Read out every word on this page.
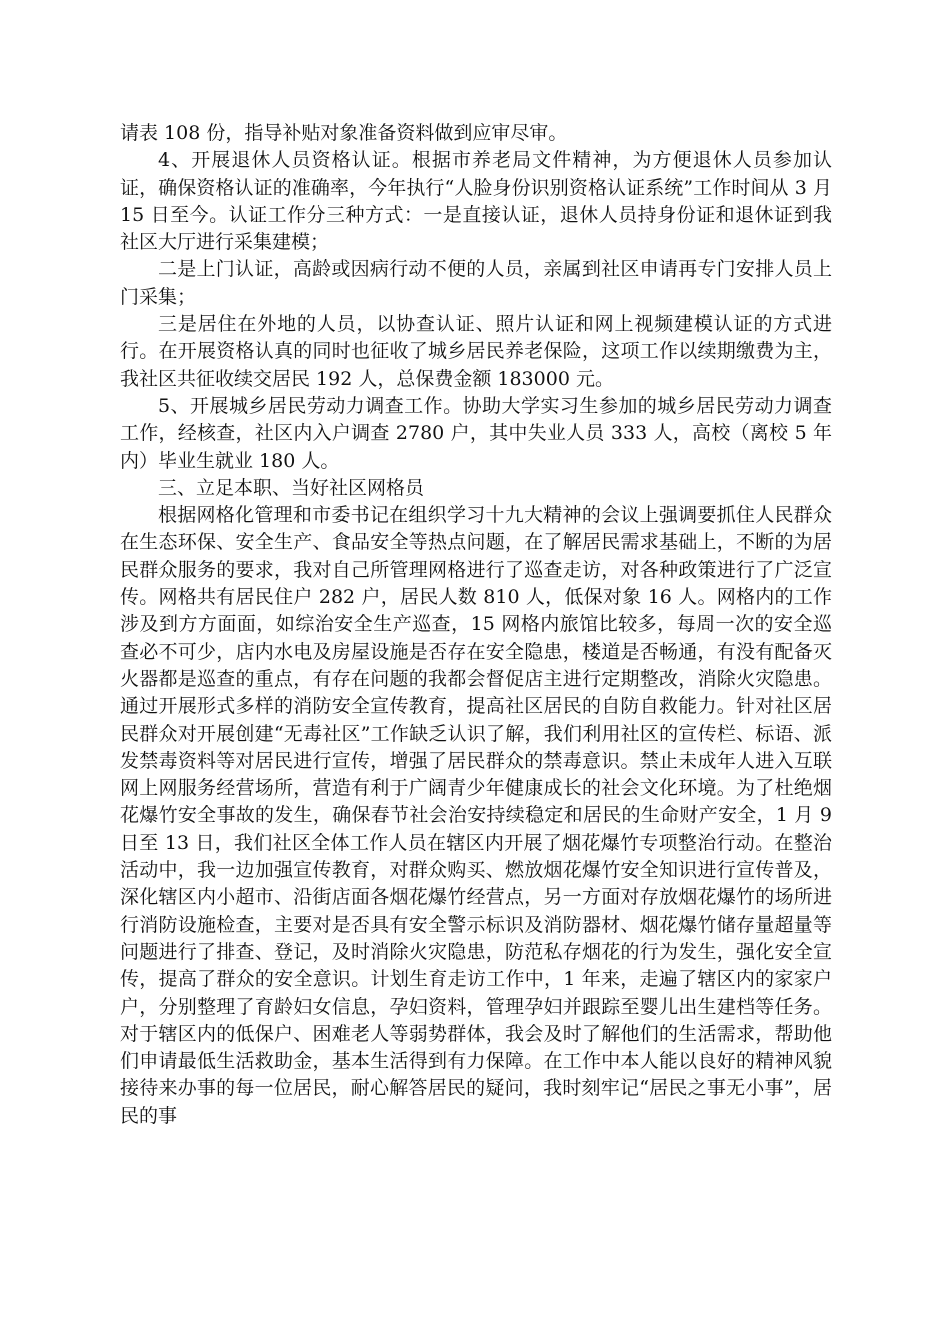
请表 108 份，指导补贴对象准备资料做到应审尽审。

4、开展退休人员资格认证。根据市养老局文件精神，为方便退休人员参加认证，确保资格认证的准确率，今年执行“人脸身份识别资格认证系统”工作时间从 3 月 15 日至今。认证工作分三种方式：一是直接认证，退休人员持身份证和退休证到我社区大厅进行采集建模；

二是上门认证，高龄或因病行动不便的人员，亲属到社区申请再专门安排人员上门采集；

三是居住在外地的人员，以协查认证、照片认证和网上视频建模认证的方式进行。在开展资格认真的同时也征收了城乡居民养老保险，这项工作以续期缴费为主，我社区共征收续交居民 192 人，总保费金额 183000 元。

5、开展城乡居民劳动力调查工作。协助大学实习生参加的城乡居民劳动力调查工作，经核查，社区内入户调查 2780 户，其中失业人员 333 人，高校（离校 5 年内）毕业生就业 180 人。

三、立足本职、当好社区网格员

根据网格化管理和市委书记在组织学习十九大精神的会议上强调要抓住人民群众在生态环保、安全生产、食品安全等热点问题，在了解居民需求基础上，不断的为居民群众服务的要求，我对自己所管理网格进行了巡查走访，对各种政策进行了广泛宣传。网格共有居民住户 282 户，居民人数 810 人，低保对象 16 人。网格内的工作涉及到方方面面，如综治安全生产巡查，15 网格内旅馆比较多，每周一次的安全巡查必不可少，店内水电及房屋设施是否存在安全隐患，楼道是否畅通，有没有配备灭火器都是巡查的重点，有存在问题的我都会督促店主进行定期整改，消除火灾隐患。通过开展形式多样的消防安全宣传教育，提高社区居民的自防自救能力。针对社区居民群众对开展创建“无毒社区”工作缺乏认识了解，我们利用社区的宣传栏、标语、派发禁毒资料等对居民进行宣传，增强了居民群众的禁毒意识。禁止未成年人进入互联网上网服务经营场所，营造有利于广阔青少年健康成长的社会文化环境。为了杜绝烟花爆竹安全事故的发生，确保春节社会治安持续稳定和居民的生命财产安全，1 月 9 日至 13 日，我们社区全体工作人员在辖区内开展了烟花爆竹专项整治行动。在整治活动中，我一边加强宣传教育，对群众购买、燃放烟花爆竹安全知识进行宣传普及，深化辖区内小超市、沿街店面各烟花爆竹经营点，另一方面对存放烟花爆竹的场所进行消防设施检查，主要对是否具有安全警示标识及消防器材、烟花爆竹储存量超量等问题进行了排查、登记，及时消除火灾隐患，防范私存烟花的行为发生，强化安全宣传，提高了群众的安全意识。计划生育走访工作中，1 年来，走遍了辖区内的家家户户，分别整理了育龄妇女信息，孕妇资料，管理孕妇并跟踪至婴儿出生建档等任务。对于辖区内的低保户、困难老人等弱势群体，我会及时了解他们的生活需求，帮助他们申请最低生活救助金，基本生活得到有力保障。在工作中本人能以良好的精神风貌接待来办事的每一位居民，耐心解答居民的疑问，我时刻牢记“居民之事无小事”，居民的事
